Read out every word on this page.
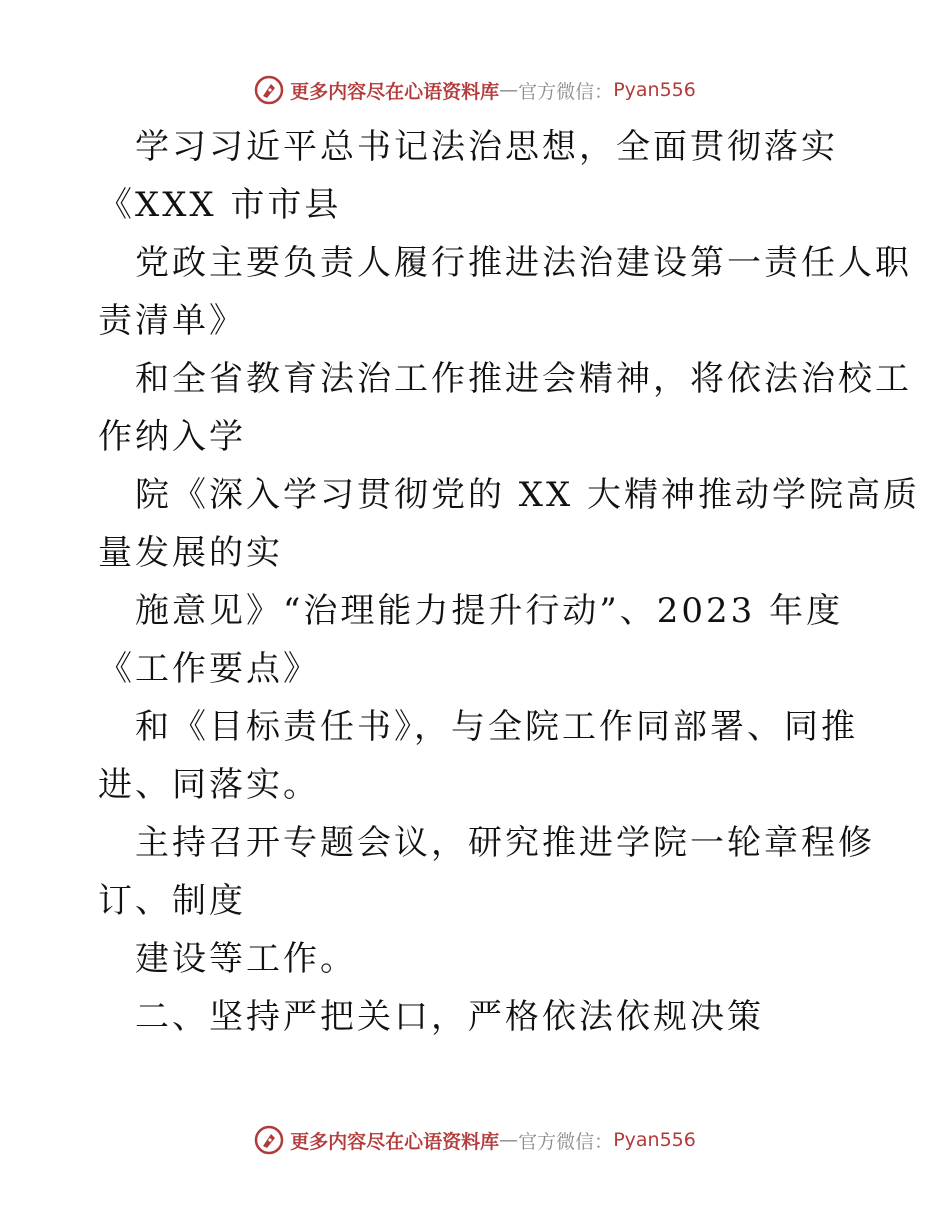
更多内容尽在心语资料库 — 官方微信： Pyan556

学习习近平总书记法治思想，全面贯彻落实
《XXX 市市县

党政主要负责人履行推进法治建设第一责任人职
责清单》

和全省教育法治工作推进会精神，将依法治校工
作纳入学

院《深入学习贯彻党的 XX 大精神推动学院高质
量发展的实

施意见》“治理能力提升行动”、2023 年度
《工作要点》

和《目标责任书》，与全院工作同部署、同推
进、同落实。

主持召开专题会议，研究推进学院一轮章程修
订、制度

建设等工作。

二、坚持严把关口，严格依法依规决策

更多内容尽在心语资料库 — 官方微信： Pyan556
